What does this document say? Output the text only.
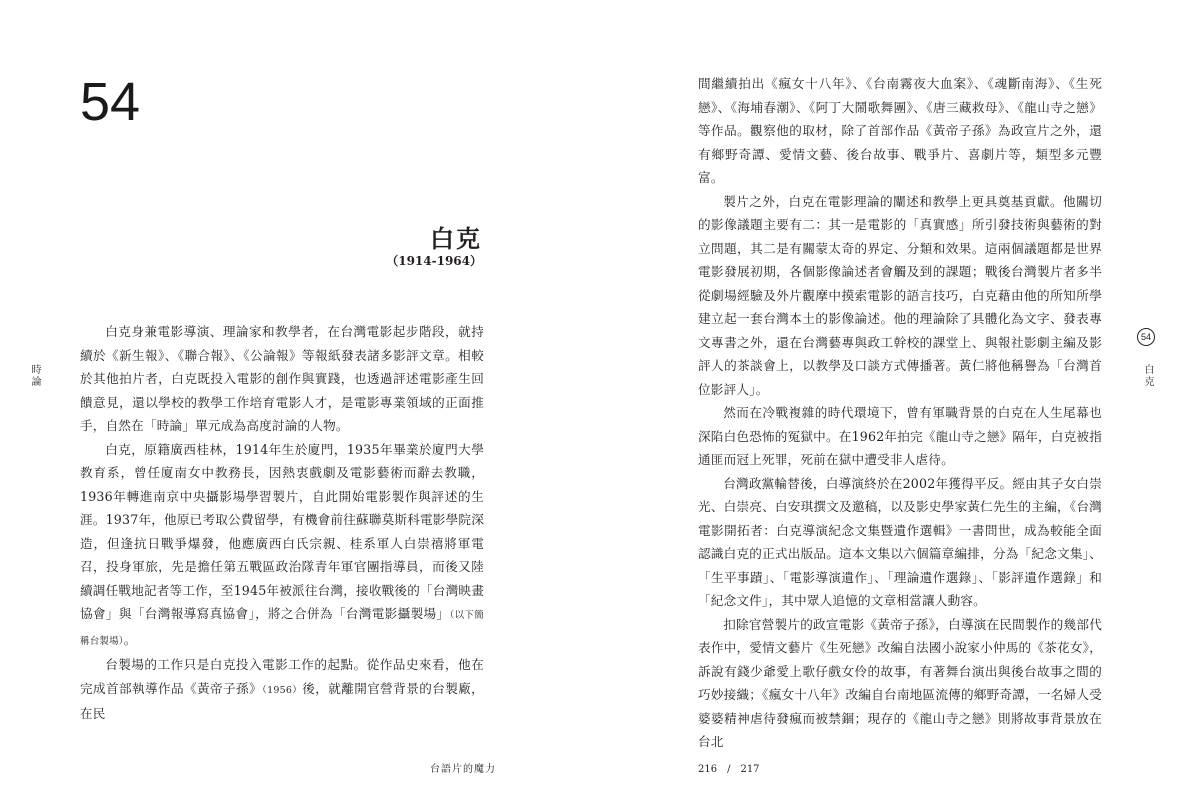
54
白克
（1914-1964）
時論	白克
54

白克身兼電影導演、理論家和教學者，在台灣電影起步階段，就持續於《新生報》、《聯合報》、《公論報》等報紙發表諸多影評文章。相較於其他拍片者，白克既投入電影的創作與實踐，也透過評述電影產生回饋意見，還以學校的教學工作培育電影人才，是電影專業領域的正面推手，自然在「時論」單元成為高度討論的人物。

白克，原籍廣西桂林，1914年生於廈門，1935年畢業於廈門大學教育系，曾任廈南女中教務長，因熱衷戲劇及電影藝術而辭去教職，1936年轉進南京中央攝影場學習製片，自此開始電影製作與評述的生涯。1937年，他原已考取公費留學，有機會前往蘇聯莫斯科電影學院深造，但逢抗日戰爭爆發，他應廣西白氏宗親、桂系軍人白崇禧將軍電召，投身軍旅，先是擔任第五戰區政治隊青年軍官團指導員，而後又陸續調任戰地記者等工作，至1945年被派往台灣，接收戰後的「台灣映畫協會」與「台灣報導寫真協會」，將之合併為「台灣電影攝製場」（以下簡稱台製場）。

台製場的工作只是白克投入電影工作的起點。從作品史來看，他在完成首部執導作品《黃帝子孫》（1956）後，就離開官營背景的台製廠，在民

間繼續拍出《瘋女十八年》、《台南霧夜大血案》、《魂斷南海》、《生死戀》、《海埔春潮》、《阿丁大鬧歌舞團》、《唐三藏救母》、《龍山寺之戀》等作品。觀察他的取材，除了首部作品《黃帝子孫》為政宣片之外，還有鄉野奇譚、愛情文藝、後台故事、戰爭片、喜劇片等，類型多元豐富。

製片之外，白克在電影理論的闡述和教學上更具奠基貢獻。他關切的影像議題主要有二：其一是電影的「真實感」所引發技術與藝術的對立問題，其二是有關蒙太奇的界定、分類和效果。這兩個議題都是世界電影發展初期，各個影像論述者會觸及到的課題；戰後台灣製片者多半從劇場經驗及外片觀摩中摸索電影的語言技巧，白克藉由他的所知所學建立起一套台灣本土的影像論述。他的理論除了具體化為文字、發表專文專書之外，還在台灣藝專與政工幹校的課堂上、與報社影劇主編及影評人的茶談會上，以教學及口談方式傳播著。黃仁將他稱譽為「台灣首位影評人」。

然而在冷戰複雜的時代環境下，曾有軍職背景的白克在人生尾幕也深陷白色恐怖的冤獄中。在1962年拍完《龍山寺之戀》隔年，白克被指通匪而冠上死罪，死前在獄中遭受非人虐待。

台灣政黨輪替後，白導演終於在2002年獲得平反。經由其子女白崇光、白崇亮、白安琪撰文及邀稿，以及影史學家黃仁先生的主編，《台灣電影開拓者：白克導演紀念文集暨遺作選輯》一書問世，成為較能全面認識白克的正式出版品。這本文集以六個篇章編排，分為「紀念文集」、「生平事蹟」、「電影導演遺作」、「理論遺作選錄」、「影評遺作選錄」和「紀念文件」，其中眾人追憶的文章相當讓人動容。

扣除官營製片的政宣電影《黃帝子孫》，白導演在民間製作的幾部代表作中，愛情文藝片《生死戀》改編自法國小說家小仲馬的《茶花女》，訴說有錢少爺愛上歌仔戲女伶的故事，有著舞台演出與後台故事之間的巧妙接織；《瘋女十八年》改編自台南地區流傳的鄉野奇譚，一名婦人受婆婆精神虐待發瘋而被禁錮；現存的《龍山寺之戀》則將故事背景放在台北

台語片的魔力	216　/　217
